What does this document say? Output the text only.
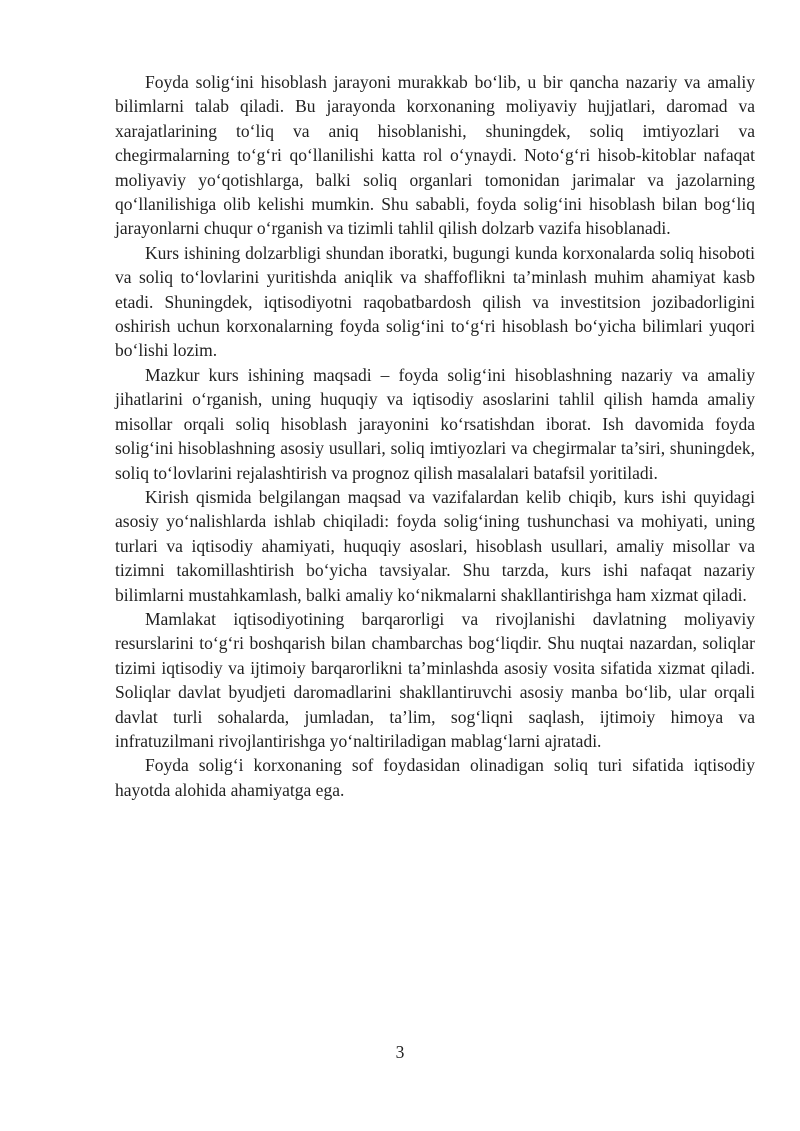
Foyda solig‘ini hisoblash jarayoni murakkab bo‘lib, u bir qancha nazariy va amaliy bilimlarni talab qiladi. Bu jarayonda korxonaning moliyaviy hujjatlari, daromad va xarajatlarining to‘liq va aniq hisoblanishi, shuningdek, soliq imtiyozlari va chegirmalarning to‘g‘ri qo‘llanilishi katta rol o‘ynaydi. Noto‘g‘ri hisob-kitoblar nafaqat moliyaviy yo‘qotishlarga, balki soliq organlari tomonidan jarimalar va jazolarning qo‘llanilishiga olib kelishi mumkin. Shu sababli, foyda solig‘ini hisoblash bilan bog‘liq jarayonlarni chuqur o‘rganish va tizimli tahlil qilish dolzarb vazifa hisoblanadi.

Kurs ishining dolzarbligi shundan iboratki, bugungi kunda korxonalarda soliq hisoboti va soliq to‘lovlarini yuritishda aniqlik va shaffoflikni ta’minlash muhim ahamiyat kasb etadi. Shuningdek, iqtisodiyotni raqobatbardosh qilish va investitsion jozibadorligini oshirish uchun korxonalarning foyda solig‘ini to‘g‘ri hisoblash bo‘yicha bilimlari yuqori bo‘lishi lozim.

Mazkur kurs ishining maqsadi – foyda solig‘ini hisoblashning nazariy va amaliy jihatlarini o‘rganish, uning huquqiy va iqtisodiy asoslarini tahlil qilish hamda amaliy misollar orqali soliq hisoblash jarayonini ko‘rsatishdan iborat. Ish davomida foyda solig‘ini hisoblashning asosiy usullari, soliq imtiyozlari va chegirmalar ta’siri, shuningdek, soliq to‘lovlarini rejalashtirish va prognoz qilish masalalari batafsil yoritiladi.

Kirish qismida belgilangan maqsad va vazifalardan kelib chiqib, kurs ishi quyidagi asosiy yo‘nalishlarda ishlab chiqiladi: foyda solig‘ining tushunchasi va mohiyati, uning turlari va iqtisodiy ahamiyati, huquqiy asoslari, hisoblash usullari, amaliy misollar va tizimni takomillashtirish bo‘yicha tavsiyalar. Shu tarzda, kurs ishi nafaqat nazariy bilimlarni mustahkamlash, balki amaliy ko‘nikmalarni shakllantirishga ham xizmat qiladi.

Mamlakat iqtisodiyotining barqarorligi va rivojlanishi davlatning moliyaviy resurslarini to‘g‘ri boshqarish bilan chambarchas bog‘liqdir. Shu nuqtai nazardan, soliqlar tizimi iqtisodiy va ijtimoiy barqarorlikni ta’minlashda asosiy vosita sifatida xizmat qiladi. Soliqlar davlat byudjeti daromadlarini shakllantiruvchi asosiy manba bo‘lib, ular orqali davlat turli sohalarda, jumladan, ta’lim, sog‘liqni saqlash, ijtimoiy himoya va infratuzilmani rivojlantirishga yo‘naltiriladigan mablag‘larni ajratadi.

Foyda solig‘i korxonaning sof foydasidan olinadigan soliq turi sifatida iqtisodiy hayotda alohida ahamiyatga ega.

3
